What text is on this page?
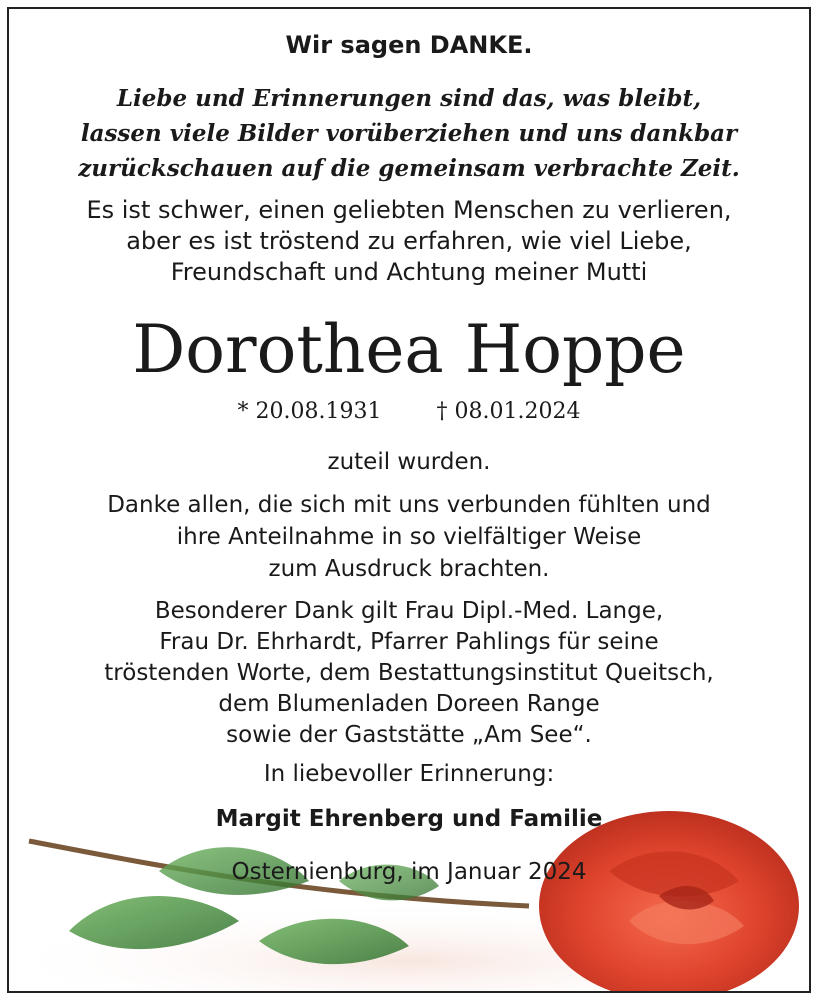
Wir sagen DANKE.
Liebe und Erinnerungen sind das, was bleibt,
lassen viele Bilder vorüberziehen und uns dankbar
zurückschauen auf die gemeinsam verbrachte Zeit.
Es ist schwer, einen geliebten Menschen zu verlieren,
aber es ist tröstend zu erfahren, wie viel Liebe,
Freundschaft und Achtung meiner Mutti
Dorothea Hoppe
* 20.08.1931	† 08.01.2024
zuteil wurden.
Danke allen, die sich mit uns verbunden fühlten und
ihre Anteilnahme in so vielfältiger Weise
zum Ausdruck brachten.
Besonderer Dank gilt Frau Dipl.-Med. Lange,
Frau Dr. Ehrhardt, Pfarrer Pahlings für seine
tröstenden Worte, dem Bestattungsinstitut Queitsch,
dem Blumenladen Doreen Range
sowie der Gaststätte „Am See“.
In liebevoller Erinnerung:
Margit Ehrenberg und Familie
Osternienburg, im Januar 2024
